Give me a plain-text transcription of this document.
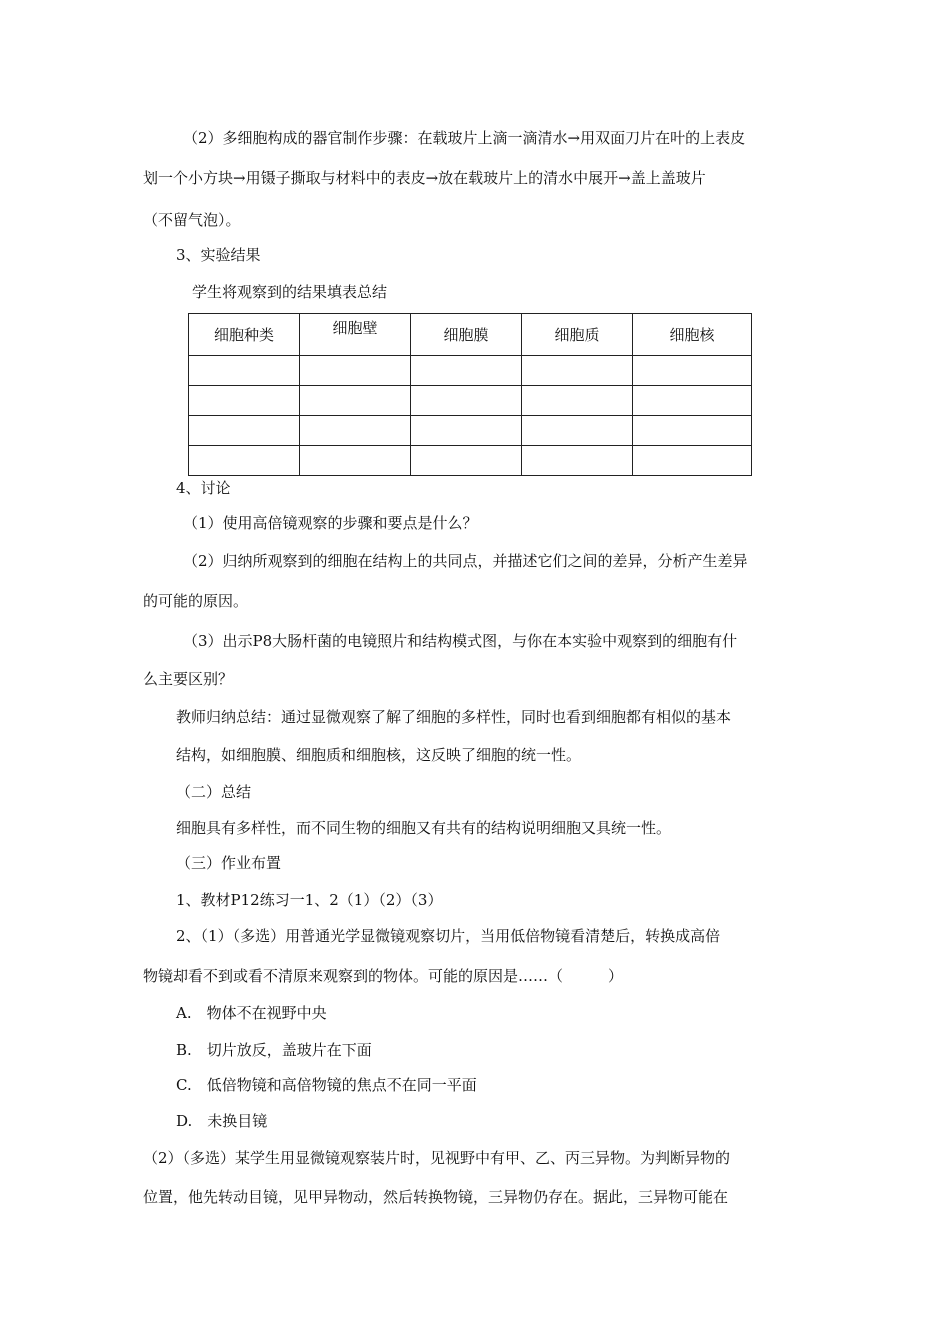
（2）多细胞构成的器官制作步骤：在载玻片上滴一滴清水→用双面刀片在叶的上表皮
划一个小方块→用镊子撕取与材料中的表皮→放在载玻片上的清水中展开→盖上盖玻片
（不留气泡）。
3、实验结果
学生将观察到的结果填表总结
细胞种类	细胞壁	细胞膜	细胞质	细胞核

4、讨论
（1）使用高倍镜观察的步骤和要点是什么？
（2）归纳所观察到的细胞在结构上的共同点，并描述它们之间的差异，分析产生差异
的可能的原因。
（3）出示P8大肠杆菌的电镜照片和结构模式图，与你在本实验中观察到的细胞有什
么主要区别？
教师归纳总结：通过显微观察了解了细胞的多样性，同时也看到细胞都有相似的基本
结构，如细胞膜、细胞质和细胞核，这反映了细胞的统一性。
（二）总结
细胞具有多样性，而不同生物的细胞又有共有的结构说明细胞又具统一性。
（三）作业布置
1、教材P12练习一1、2（1）（2）（3）
2、（1）（多选）用普通光学显微镜观察切片，当用低倍物镜看清楚后，转换成高倍
物镜却看不到或看不清原来观察到的物体。可能的原因是……（　　　）
A.　物体不在视野中央
B.　切片放反，盖玻片在下面
C.　低倍物镜和高倍物镜的焦点不在同一平面
D.　未换目镜
（2）（多选）某学生用显微镜观察装片时，见视野中有甲、乙、丙三异物。为判断异物的
位置，他先转动目镜，见甲异物动，然后转换物镜，三异物仍存在。据此，三异物可能在
